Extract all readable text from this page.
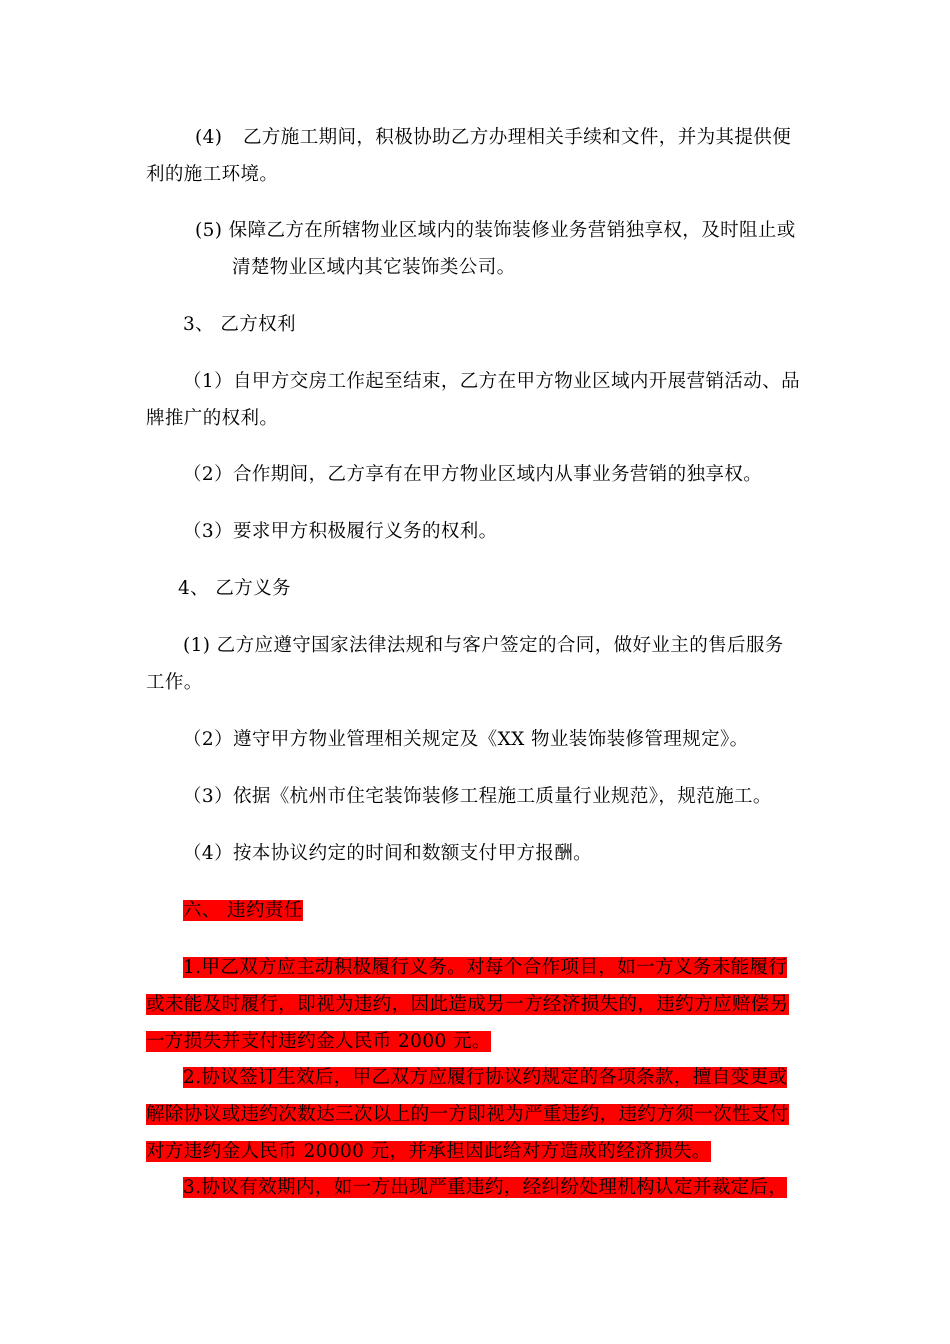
(4) 乙方施工期间，积极协助乙方办理相关手续和文件，并为其提供便
利的施工环境。
(5) 保障乙方在所辖物业区域内的装饰装修业务营销独享权，及时阻止或
清楚物业区域内其它装饰类公司。
3、 乙方权利
（1）自甲方交房工作起至结束，乙方在甲方物业区域内开展营销活动、品
牌推广的权利。
（2）合作期间，乙方享有在甲方物业区域内从事业务营销的独享权。
（3）要求甲方积极履行义务的权利。
4、 乙方义务
(1) 乙方应遵守国家法律法规和与客户签定的合同，做好业主的售后服务
工作。
（2）遵守甲方物业管理相关规定及《XX 物业装饰装修管理规定》。
（3）依据《杭州市住宅装饰装修工程施工质量行业规范》，规范施工。
（4）按本协议约定的时间和数额支付甲方报酬。
六、 违约责任
1.甲乙双方应主动积极履行义务。对每个合作项目，如一方义务未能履行
或未能及时履行，即视为违约，因此造成另一方经济损失的，违约方应赔偿另
一方损失并支付违约金人民币 2000 元。
2.协议签订生效后，甲乙双方应履行协议约规定的各项条款，擅自变更或
解除协议或违约次数达三次以上的一方即视为严重违约，违约方须一次性支付
对方违约金人民币 20000 元，并承担因此给对方造成的经济损失。
3.协议有效期内，如一方出现严重违约，经纠纷处理机构认定并裁定后，
